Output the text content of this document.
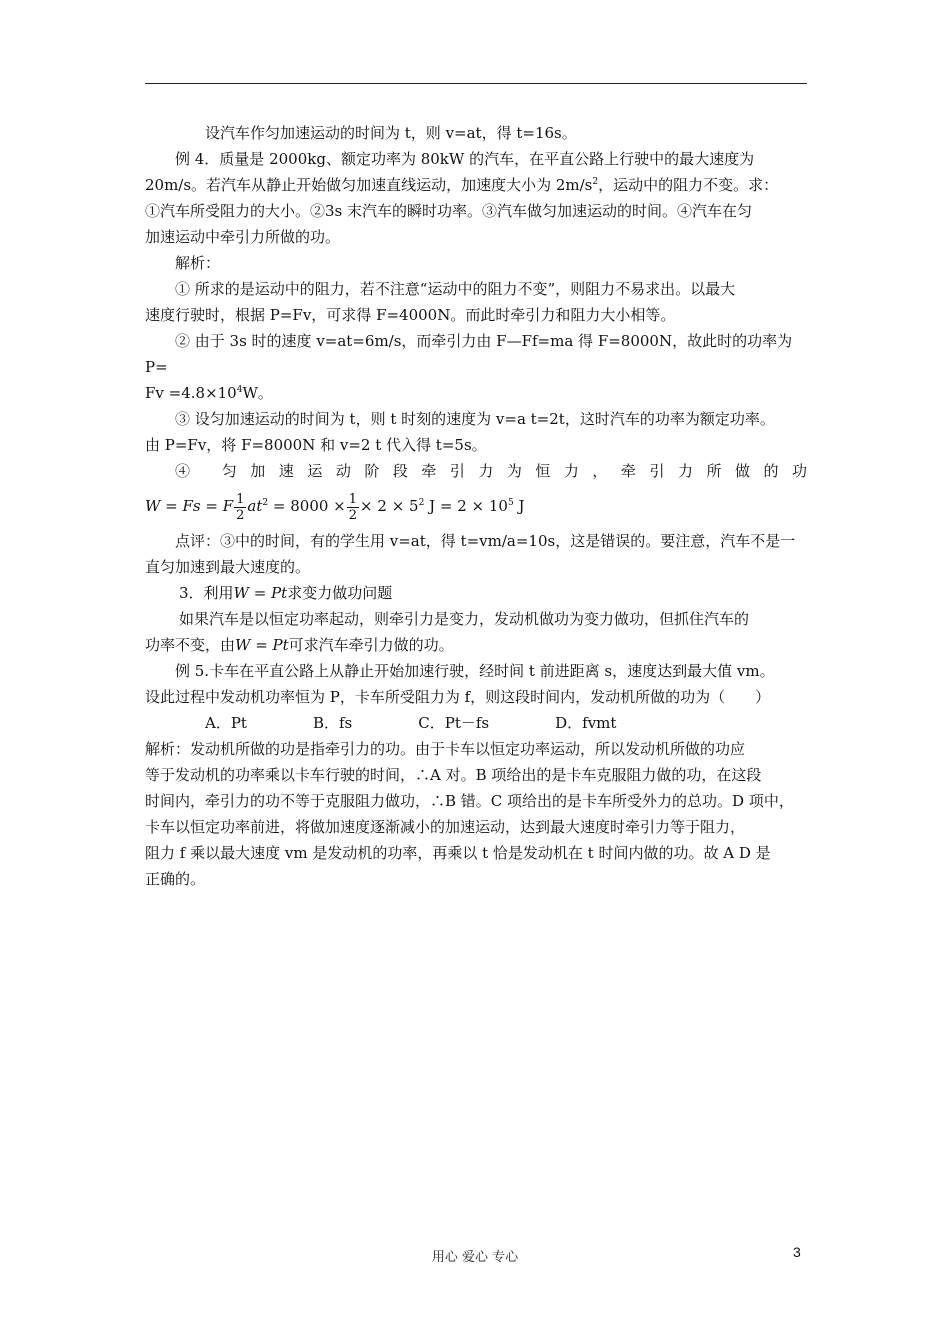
设汽车作匀加速运动的时间为 t，则 v=at，得 t=16s。

例 4．质量是 2000kg、额定功率为 80kW 的汽车，在平直公路上行驶中的最大速度为

20m/s。若汽车从静止开始做匀加速直线运动，加速度大小为 $2m/s^2$，运动中的阻力不变。求：

①汽车所受阻力的大小。②3s 末汽车的瞬时功率。③汽车做匀加速运动的时间。④汽车在匀

加速运动中牵引力所做的功。

解析：

① 所求的是运动中的阻力，若不注意“运动中的阻力不变”，则阻力不易求出。以最大

速度行驶时，根据 P=Fv，可求得 F=4000N。而此时牵引力和阻力大小相等。

② 由于 3s 时的速度 v=at=6m/s，而牵引力由 F—Ff=ma 得 F=8000N，故此时的功率为 P=

$Fv =4.8\times 10^4W$。

③ 设匀加速运动的时间为 t，则 t 时刻的速度为 v=a t=2t，这时汽车的功率为额定功率。

由 P=Fv，将 F=8000N 和 v=2 t 代入得 t=5s。

④ 匀加速运动阶段牵引力为恒力，牵引力所做的功

W = Fs = F $\frac{1}{2} at^2 = 8000 \times \frac{1}{2} \times 2 \times 5^2$ $J = 2 \times 10^5$ J

点评：③中的时间，有的学生用 v=at，得 t=vm/a=10s，这是错误的。要注意，汽车不是一

直匀加速到最大速度的。

3．利用W = Pt求变力做功问题

如果汽车是以恒定功率起动，则牵引力是变力，发动机做功为变力做功，但抓住汽车的

功率不变，由W = Pt可求汽车牵引力做的功。

例 5.卡车在平直公路上从静止开始加速行驶，经时间 t 前进距离 s，速度达到最大值 vm。

设此过程中发动机功率恒为 P，卡车所受阻力为 f，则这段时间内，发动机所做的功为（　　）

A．Pt	B．fs	C．Pt－fs	D．fvmt

解析：发动机所做的功是指牵引力的功。由于卡车以恒定功率运动，所以发动机所做的功应

等于发动机的功率乘以卡车行驶的时间，∴A 对。B 项给出的是卡车克服阻力做的功，在这段

时间内，牵引力的功不等于克服阻力做功，∴B 错。C 项给出的是卡车所受外力的总功。D 项中，

卡车以恒定功率前进，将做加速度逐渐减小的加速运动，达到最大速度时牵引力等于阻力，

阻力 f 乘以最大速度 vm 是发动机的功率，再乘以 t 恰是发动机在 t 时间内做的功。故 A D 是

正确的。

用心 爱心 专心	3
